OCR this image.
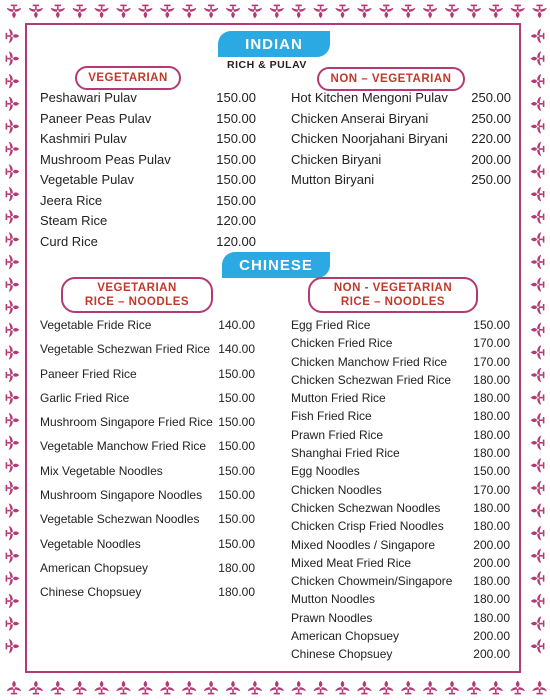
INDIAN
RICH & PULAV
VEGETARIAN	NON – VEGETARIAN
Peshawari Pulav	150.00
Paneer Peas Pulav	150.00
Kashmiri Pulav	150.00
Mushroom Peas Pulav	150.00
Vegetable Pulav	150.00
Jeera Rice	150.00
Steam Rice	120.00
Curd Rice	120.00
Hot Kitchen Mengoni Pulav 250.00
Chicken Anserai Biryani	250.00
Chicken Noorjahani Biryani 220.00
Chicken Biryani	200.00
Mutton Biryani	250.00
CHINESE
VEGETARIAN
RICE – NOODLES
NON - VEGETARIAN
RICE – NOODLES
Vegetable Fride Rice	140.00
Vegetable Schezwan Fried Rice 140.00
Paneer Fried Rice	150.00
Garlic Fried Rice	150.00
Mushroom Singapore Fried Rice 150.00
Vegetable Manchow Fried Rice 150.00
Mix Vegetable Noodles	150.00
Mushroom Singapore Noodles 150.00
Vegetable Schezwan Noodles 150.00
Vegetable Noodles	150.00
American Chopsuey	180.00
Chinese Chopsuey	180.00
Egg Fried Rice	150.00
Chicken Fried Rice	170.00
Chicken Manchow Fried Rice 170.00
Chicken Schezwan Fried Rice 180.00
Mutton Fried Rice	180.00
Fish Fried Rice	180.00
Prawn Fried Rice	180.00
Shanghai Fried Rice	180.00
Egg Noodles	150.00
Chicken Noodles	170.00
Chicken Schezwan Noodles	180.00
Chicken Crisp Fried Noodles 180.00
Mixed Noodles / Singapore	200.00
Mixed Meat Fried Rice	200.00
Chicken Chowmein/Singapore 180.00
Mutton Noodles	180.00
Prawn Noodles	180.00
American Chopsuey	200.00
Chinese Chopsuey	200.00
